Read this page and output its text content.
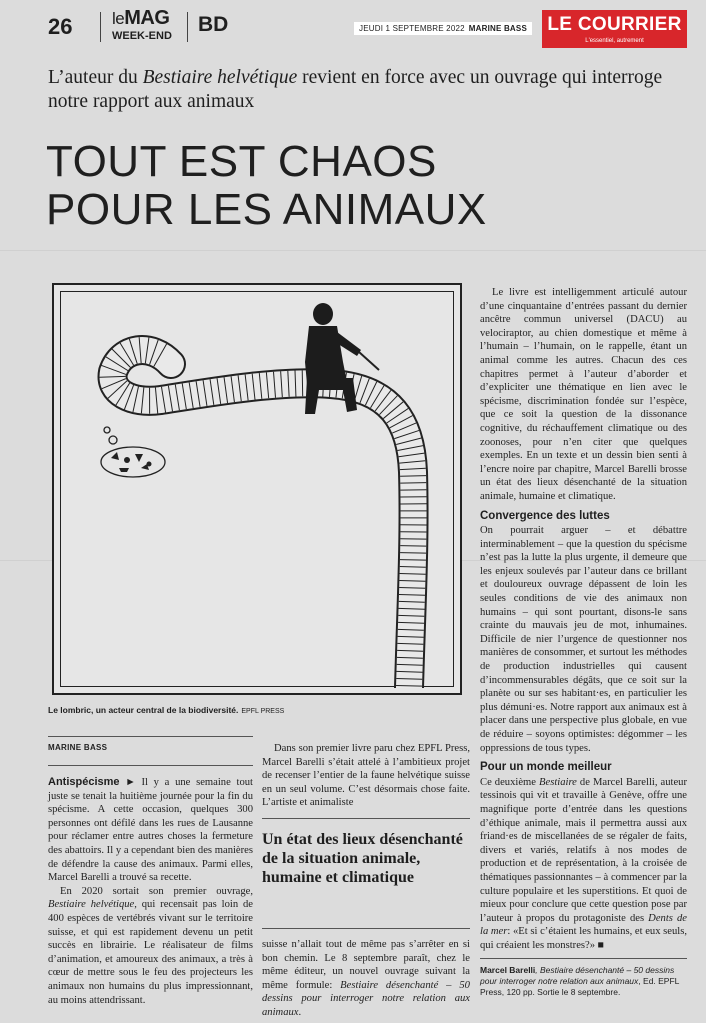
26 leMAG
WEEK-END BD	JEUDI 1 SEPTEMBRE 2022 MARINE BASS LE COURRIER
L'essentiel, autrement
L’auteur du Bestiaire helvétique revient en force avec un ouvrage qui interroge notre rapport aux animaux
TOUT EST CHAOS
POUR LES ANIMAUX
Le lombric, un acteur central de la biodiversité. EPFL PRESS
MARINE BASS

Antispécisme ► Il y a une semaine tout juste se tenait la huitième journée pour la fin du spécisme. A cette occasion, quelques 300 personnes ont défilé dans les rues de Lausanne pour réclamer entre autres choses la fermeture des abattoirs. Il y a cependant bien des manières de défendre la cause des animaux. Parmi elles, Marcel Barelli a trouvé sa recette.

En 2020 sortait son premier ouvrage, Bestiaire helvétique, qui recensait pas loin de 400 espèces de vertébrés vivant sur le territoire suisse, et qui est rapidement devenu un petit succès en librairie. Le réalisateur de films d’animation, et amoureux des animaux, a très à cœur de mettre sous le feu des projecteurs les animaux non humains du plus impressionnant, au moins attendrissant.

Dans son premier livre paru chez EPFL Press, Marcel Barelli s’était attelé à l’ambitieux projet de recenser l’entier de la faune helvétique suisse en un seul volume. C’est désormais chose faite. L’artiste et animaliste

Un état des lieux désenchanté de la situation animale, humaine et climatique

suisse n’allait tout de même pas s’arrêter en si bon chemin. Le 8 septembre paraît, chez le même éditeur, un nouvel ouvrage suivant la même formule: Bestiaire désenchanté – 50 dessins pour interroger notre relation aux animaux.

Le livre est intelligemment articulé autour d’une cinquantaine d’entrées passant du dernier ancêtre commun universel (DACU) au velociraptor, au chien domestique et même à l’humain – l’humain, on le rappelle, étant un animal comme les autres. Chacun des ces chapitres permet à l’auteur d’aborder et d’expliciter une thématique en lien avec le spécisme, discrimination fondée sur l’espèce, que ce soit la question de la dissonance cognitive, du réchauffement climatique ou des zoonoses, pour n’en citer que quelques exemples. En un texte et un dessin bien senti à l’encre noire par chapitre, Marcel Barelli brosse un état des lieux désenchanté de la situation animale, humaine et climatique.

Convergence des luttes

On pourrait arguer – et débattre interminablement – que la question du spécisme n’est pas la lutte la plus urgente, il demeure que les enjeux soulevés par l’auteur dans ce brillant et douloureux ouvrage dépassent de loin les seules conditions de vie des animaux non humains – qui sont pourtant, disons-le sans crainte du mauvais jeu de mot, inhumaines. Difficile de nier l’urgence de questionner nos manières de consommer, et surtout les méthodes de production industrielles qui causent d’incommensurables dégâts, que ce soit sur la planète ou sur ses habitant·es, en particulier les plus démuni·es. Notre rapport aux animaux est à placer dans une perspective plus globale, en vue de réduire – soyons optimistes: dégommer – les oppressions de tous types.

Pour un monde meilleur

Ce deuxième Bestiaire de Marcel Barelli, auteur tessinois qui vit et travaille à Genève, offre une magnifique porte d’entrée dans les questions d’éthique animale, mais il permettra aussi aux friand·es de miscellanées de se régaler de faits, divers et variés, relatifs à nos modes de production et de représentation, à la croisée de thématiques passionnantes – à commencer par la culture populaire et les superstitions. Et quoi de mieux pour conclure que cette question pose par l’auteur à propos du protagoniste des Dents de la mer: «Et si c’étaient les humains, et eux seuls, qui créaient les monstres?» ■

Marcel Barelli, Bestiaire désenchanté – 50 dessins pour interroger notre relation aux animaux, Ed. EPFL Press, 120 pp. Sortie le 8 septembre.
